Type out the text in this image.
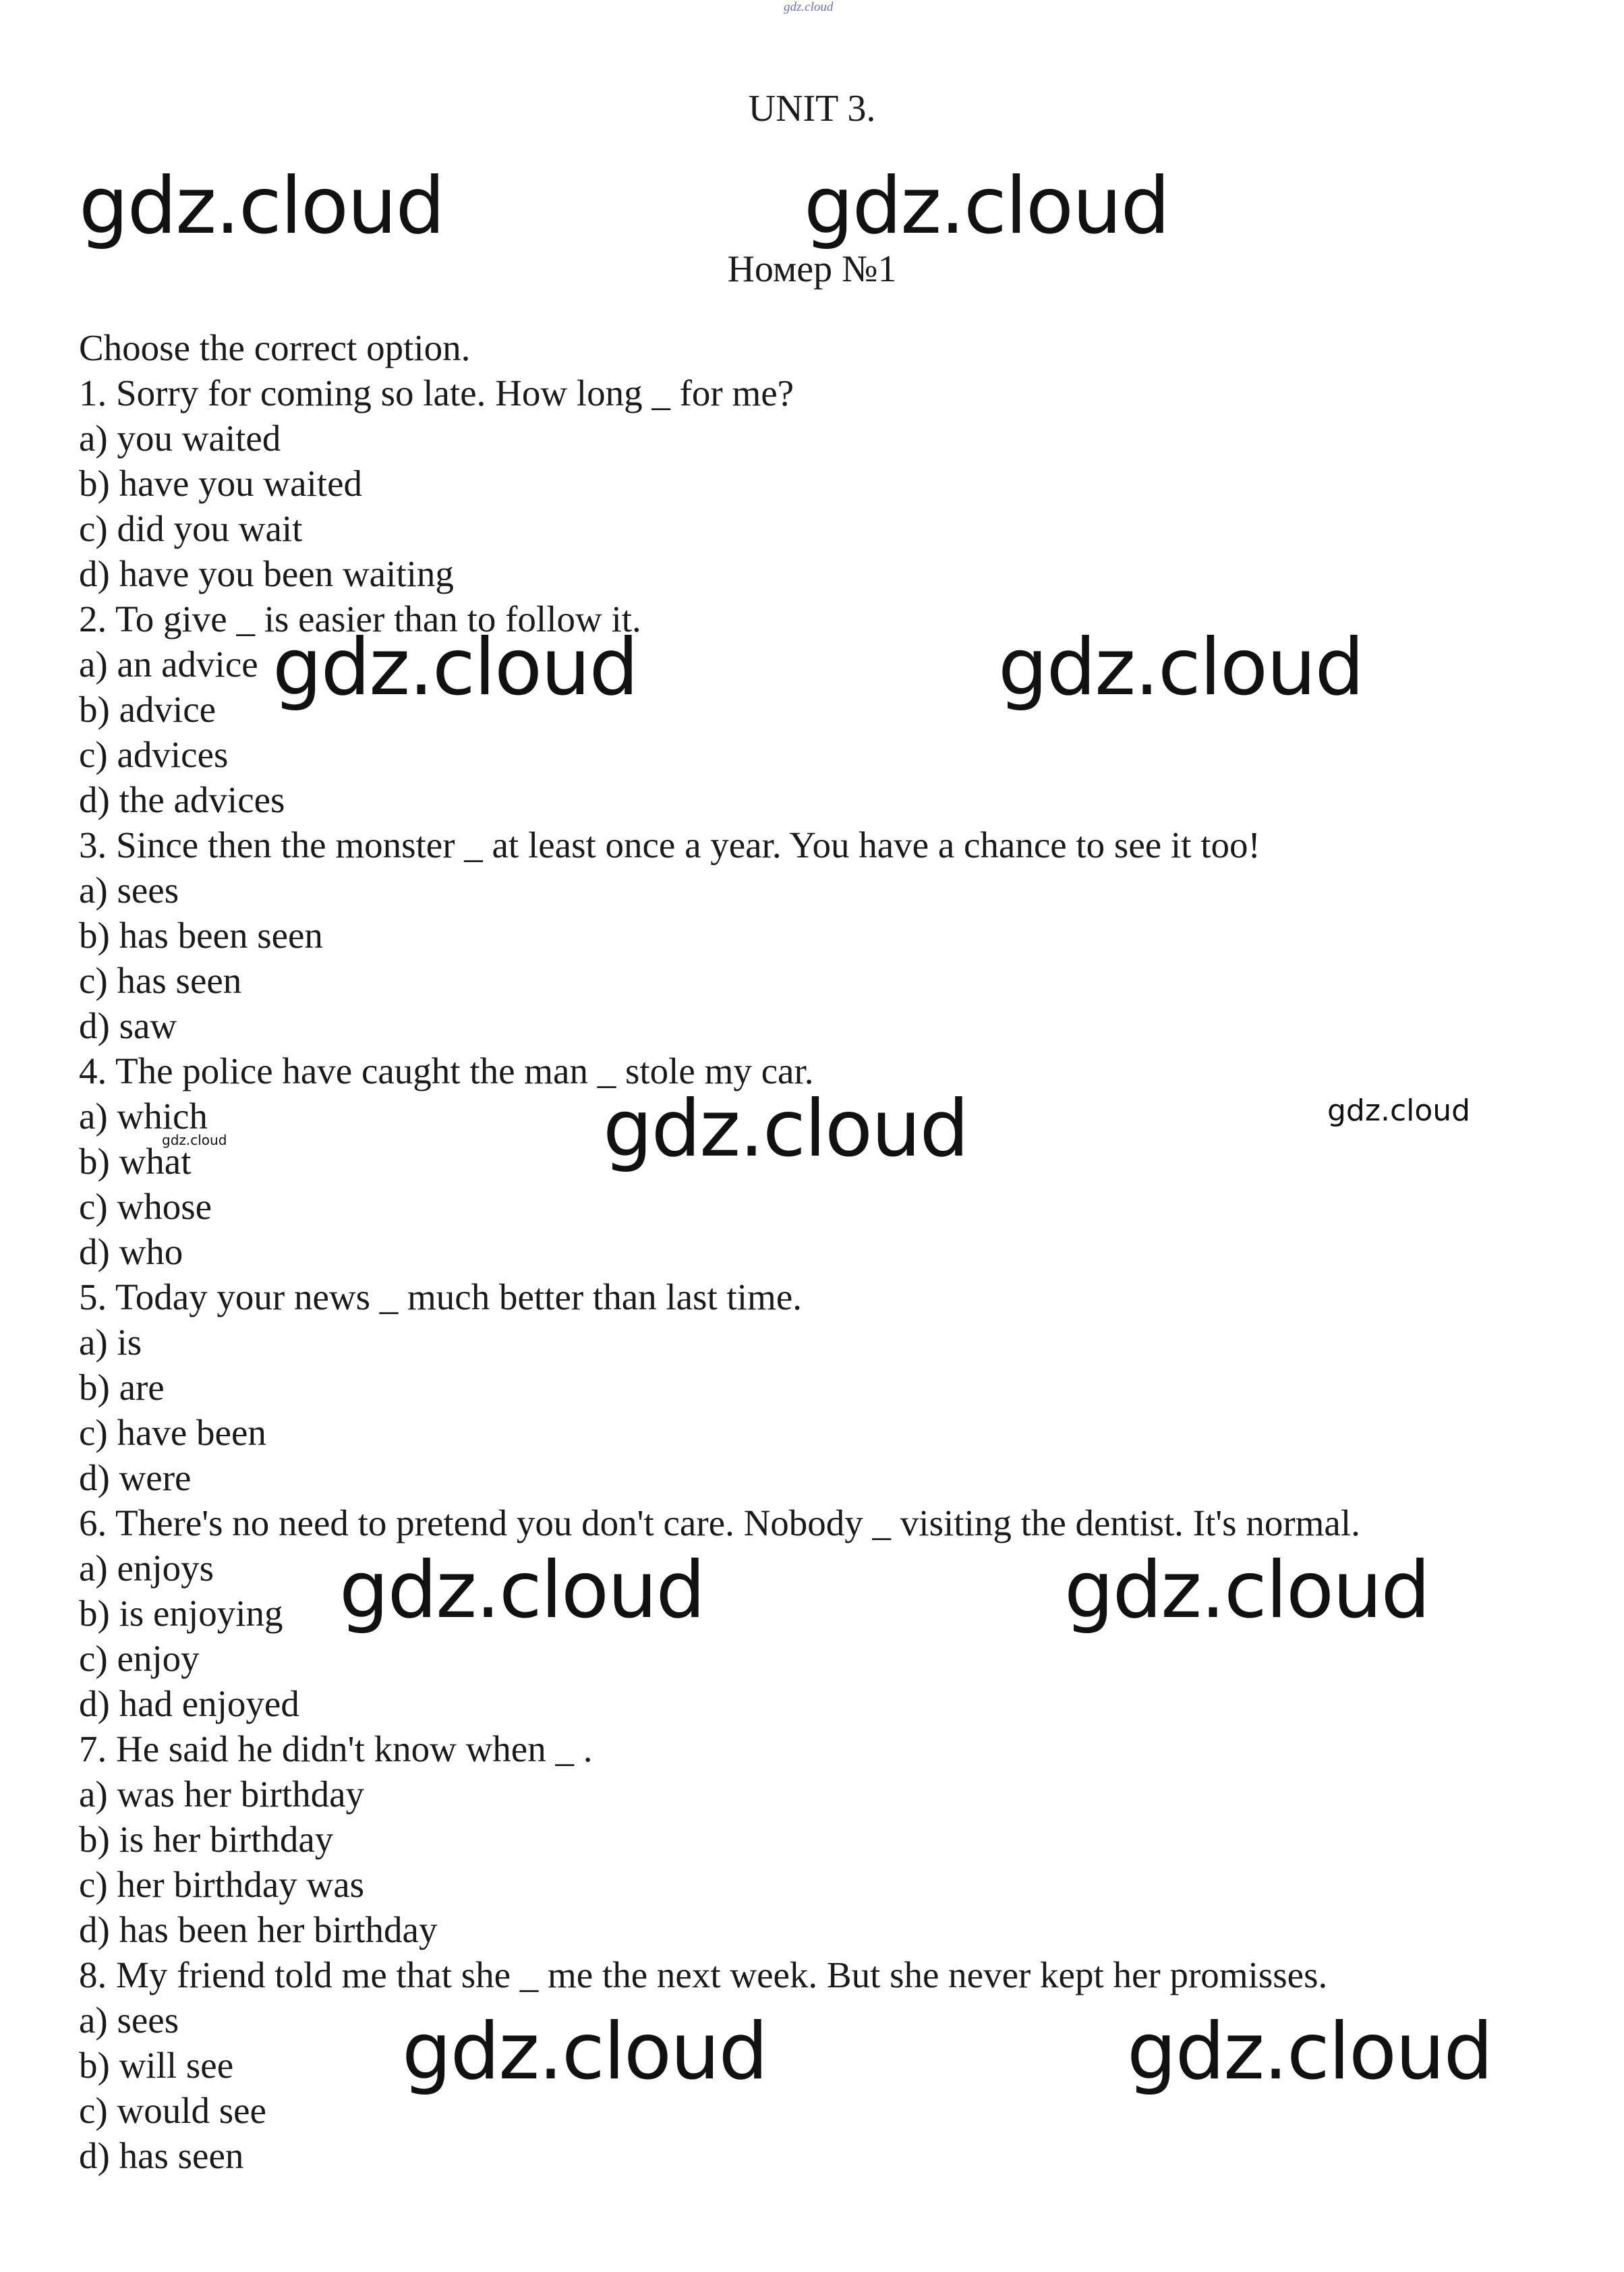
gdz.cloud
UNIT 3.
Номер №1
Choose the correct option.
1. Sorry for coming so late. How long _ for me?
a) you waited
b) have you waited
c) did you wait
d) have you been waiting
2. To give _ is easier than to follow it.
a) an advice
b) advice
c) advices
d) the advices
3. Since then the monster _ at least once a year. You have a chance to see it too!
a) sees
b) has been seen
c) has seen
d) saw
4. The police have caught the man _ stole my car.
a) which
b) what
c) whose
d) who
5. Today your news _ much better than last time.
a) is
b) are
c) have been
d) were
6. There's no need to pretend you don't care. Nobody _ visiting the dentist. It's normal.
a) enjoys
b) is enjoying
c) enjoy
d) had enjoyed
7. He said he didn't know when _ .
a) was her birthday
b) is her birthday
c) her birthday was
d) has been her birthday
8. My friend told me that she _ me the next week. But she never kept her promisses.
a) sees
b) will see
c) would see
d) has seen
gdz.cloud	gdz.cloud
gdz.cloud	gdz.cloud
gdz.cloud	gdz.cloud
gdz.cloud
gdz.cloud	gdz.cloud
gdz.cloud	gdz.cloud
